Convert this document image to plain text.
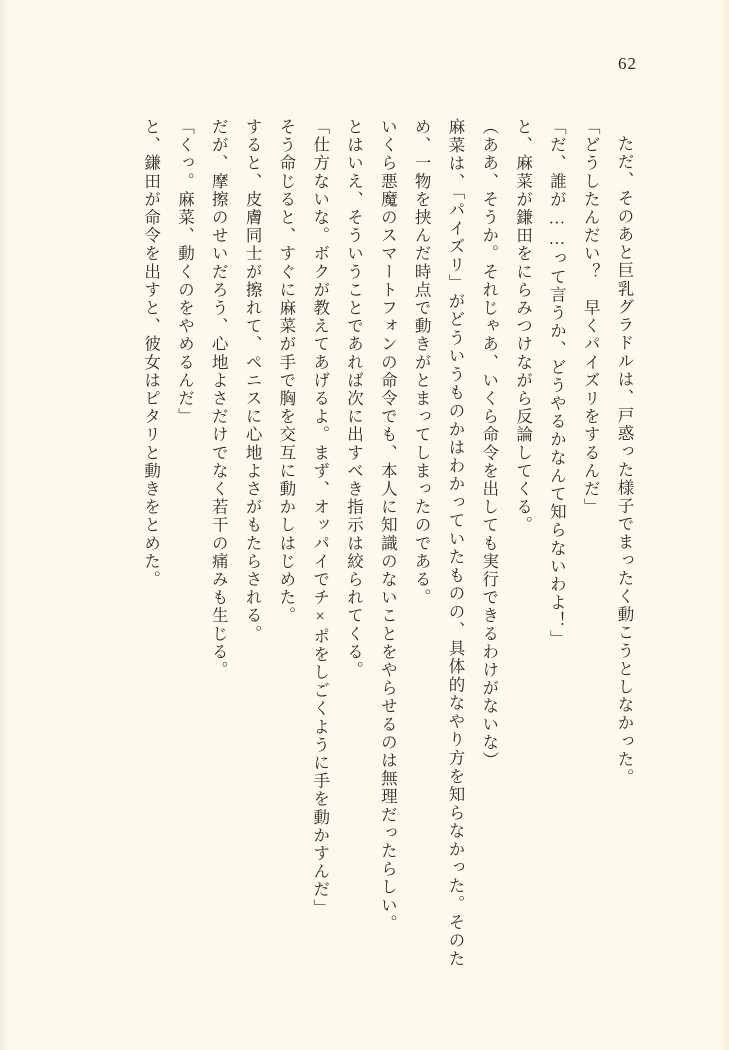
62

ただ、そのあと巨乳グラドルは、戸惑った様子でまったく動こうとしなかった。

「どうしたんだい？　早くパイズリをするんだ」

「だ、誰が……って言うか、どうやるかなんて知らないわよ！」

と、麻菜が鎌田をにらみつけながら反論してくる。

（ああ、そうか。それじゃあ、いくら命令を出しても実行できるわけがないな）

麻菜は、「パイズリ」がどういうものかはわかっていたものの、具体的なやり方を知らなかった。そのため、一物を挟んだ時点で動きがとまってしまったのである。

いくら悪魔のスマートフォンの命令でも、本人に知識のないことをやらせるのは無理だったらしい。

とはいえ、そういうことであれば次に出すべき指示は絞られてくる。

「仕方ないな。ボクが教えてあげるよ。まず、オッパイでチ×ポをしごくように手を動かすんだ」

そう命じると、すぐに麻菜が手で胸を交互に動かしはじめた。

すると、皮膚同士が擦れて、ペニスに心地よさがもたらされる。

だが、摩擦のせいだろう、心地よさだけでなく若干の痛みも生じる。

「くっ。麻菜、動くのをやめるんだ」

と、鎌田が命令を出すと、彼女はピタリと動きをとめた。
